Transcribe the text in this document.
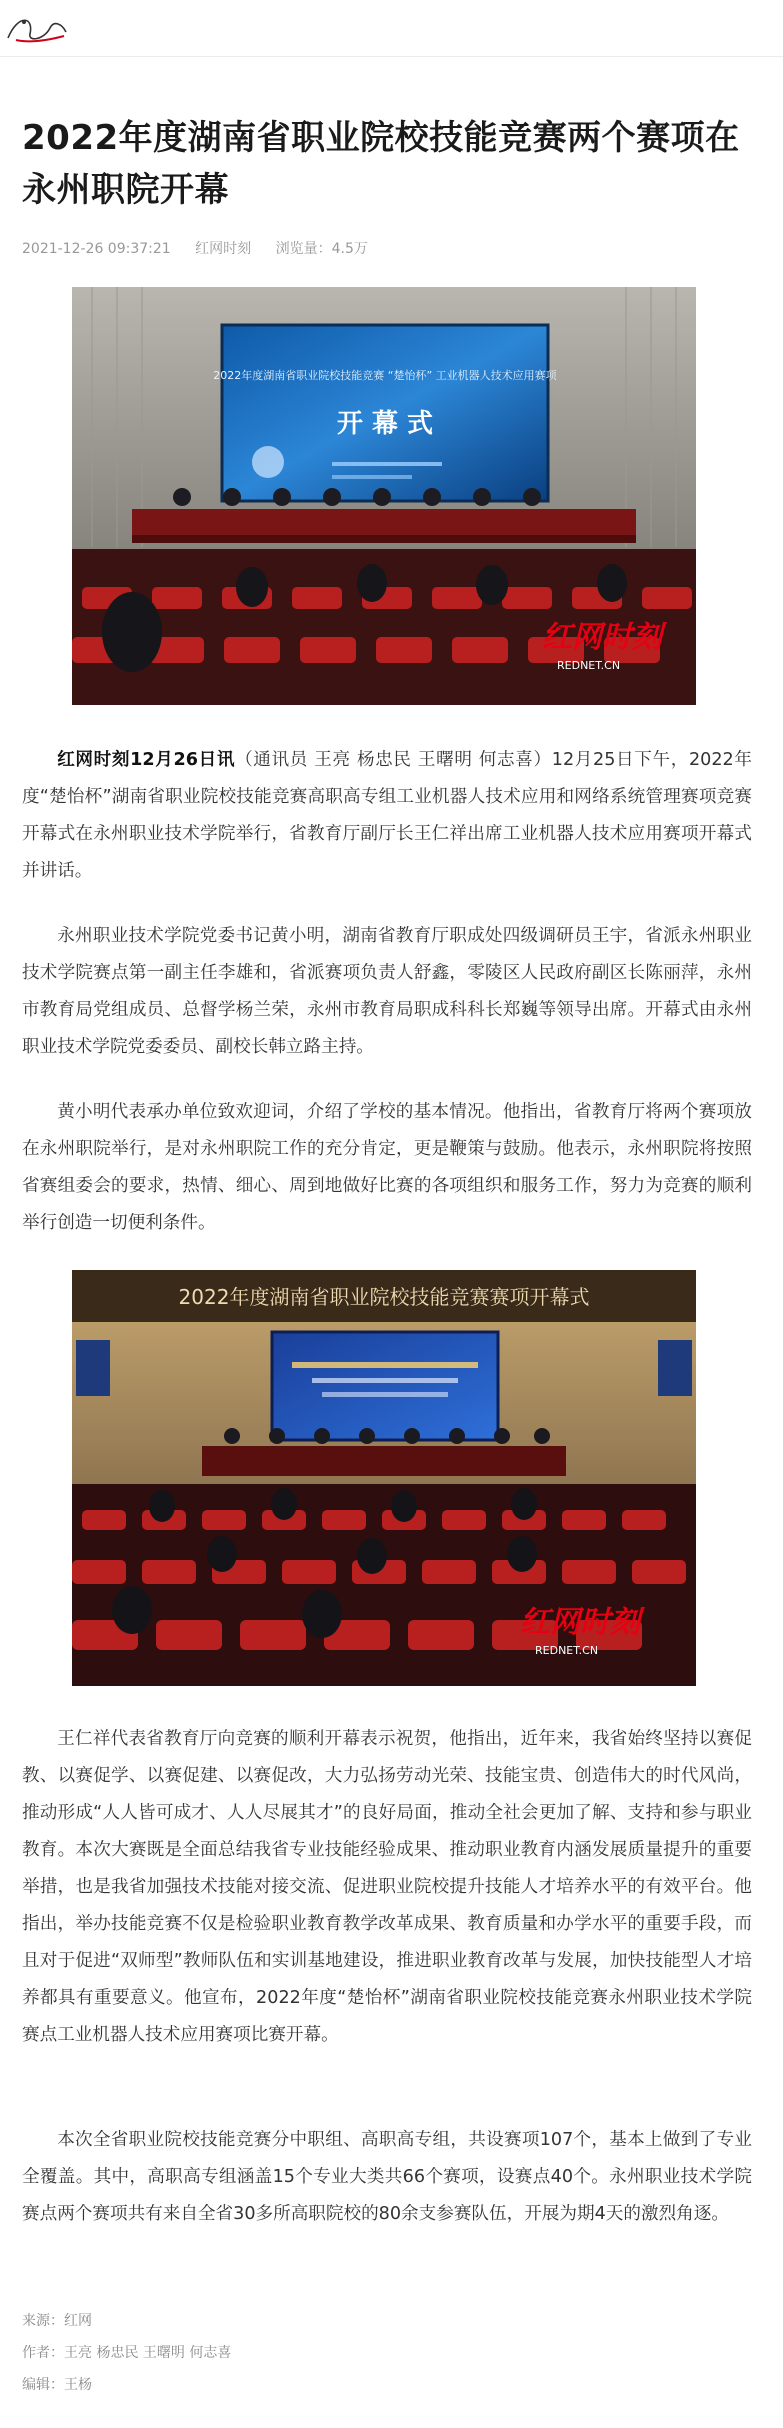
2022年度湖南省职业院校技能竞赛两个赛项在永州职院开幕
2021-12-26 09:37:21 红网时刻 浏览量：4.5万
2022年度湖南省职业院校技能竞赛 “楚怡杯” 工业机器人技术应用赛项
开 幕 式
红网时刻
REDNET.CN

红网时刻12月26日讯（通讯员 王亮 杨忠民 王曙明 何志喜）12月25日下午，2022年度“楚怡杯”湖南省职业院校技能竞赛高职高专组工业机器人技术应用和网络系统管理赛项竞赛开幕式在永州职业技术学院举行，省教育厅副厅长王仁祥出席工业机器人技术应用赛项开幕式并讲话。

永州职业技术学院党委书记黄小明，湖南省教育厅职成处四级调研员王宇，省派永州职业技术学院赛点第一副主任李雄和，省派赛项负责人舒鑫，零陵区人民政府副区长陈丽萍，永州市教育局党组成员、总督学杨兰荣，永州市教育局职成科科长郑巍等领导出席。开幕式由永州职业技术学院党委委员、副校长韩立路主持。

黄小明代表承办单位致欢迎词，介绍了学校的基本情况。他指出，省教育厅将两个赛项放在永州职院举行，是对永州职院工作的充分肯定，更是鞭策与鼓励。他表示，永州职院将按照省赛组委会的要求，热情、细心、周到地做好比赛的各项组织和服务工作，努力为竞赛的顺利举行创造一切便利条件。

2022年度湖南省职业院校技能竞赛赛项开幕式
红网时刻
REDNET.CN

王仁祥代表省教育厅向竞赛的顺利开幕表示祝贺，他指出，近年来，我省始终坚持以赛促教、以赛促学、以赛促建、以赛促改，大力弘扬劳动光荣、技能宝贵、创造伟大的时代风尚，推动形成“人人皆可成才、人人尽展其才”的良好局面，推动全社会更加了解、支持和参与职业教育。本次大赛既是全面总结我省专业技能经验成果、推动职业教育内涵发展质量提升的重要举措，也是我省加强技术技能对接交流、促进职业院校提升技能人才培养水平的有效平台。他指出，举办技能竞赛不仅是检验职业教育教学改革成果、教育质量和办学水平的重要手段，而且对于促进“双师型”教师队伍和实训基地建设，推进职业教育改革与发展，加快技能型人才培养都具有重要意义。他宣布，2022年度“楚怡杯”湖南省职业院校技能竞赛永州职业技术学院赛点工业机器人技术应用赛项比赛开幕。

本次全省职业院校技能竞赛分中职组、高职高专组，共设赛项107个，基本上做到了专业全覆盖。其中，高职高专组涵盖15个专业大类共66个赛项，设赛点40个。永州职业技术学院赛点两个赛项共有来自全省30多所高职院校的80余支参赛队伍，开展为期4天的激烈角逐。

来源：红网
作者：王亮 杨忠民 王曙明 何志喜
编辑：王杨
